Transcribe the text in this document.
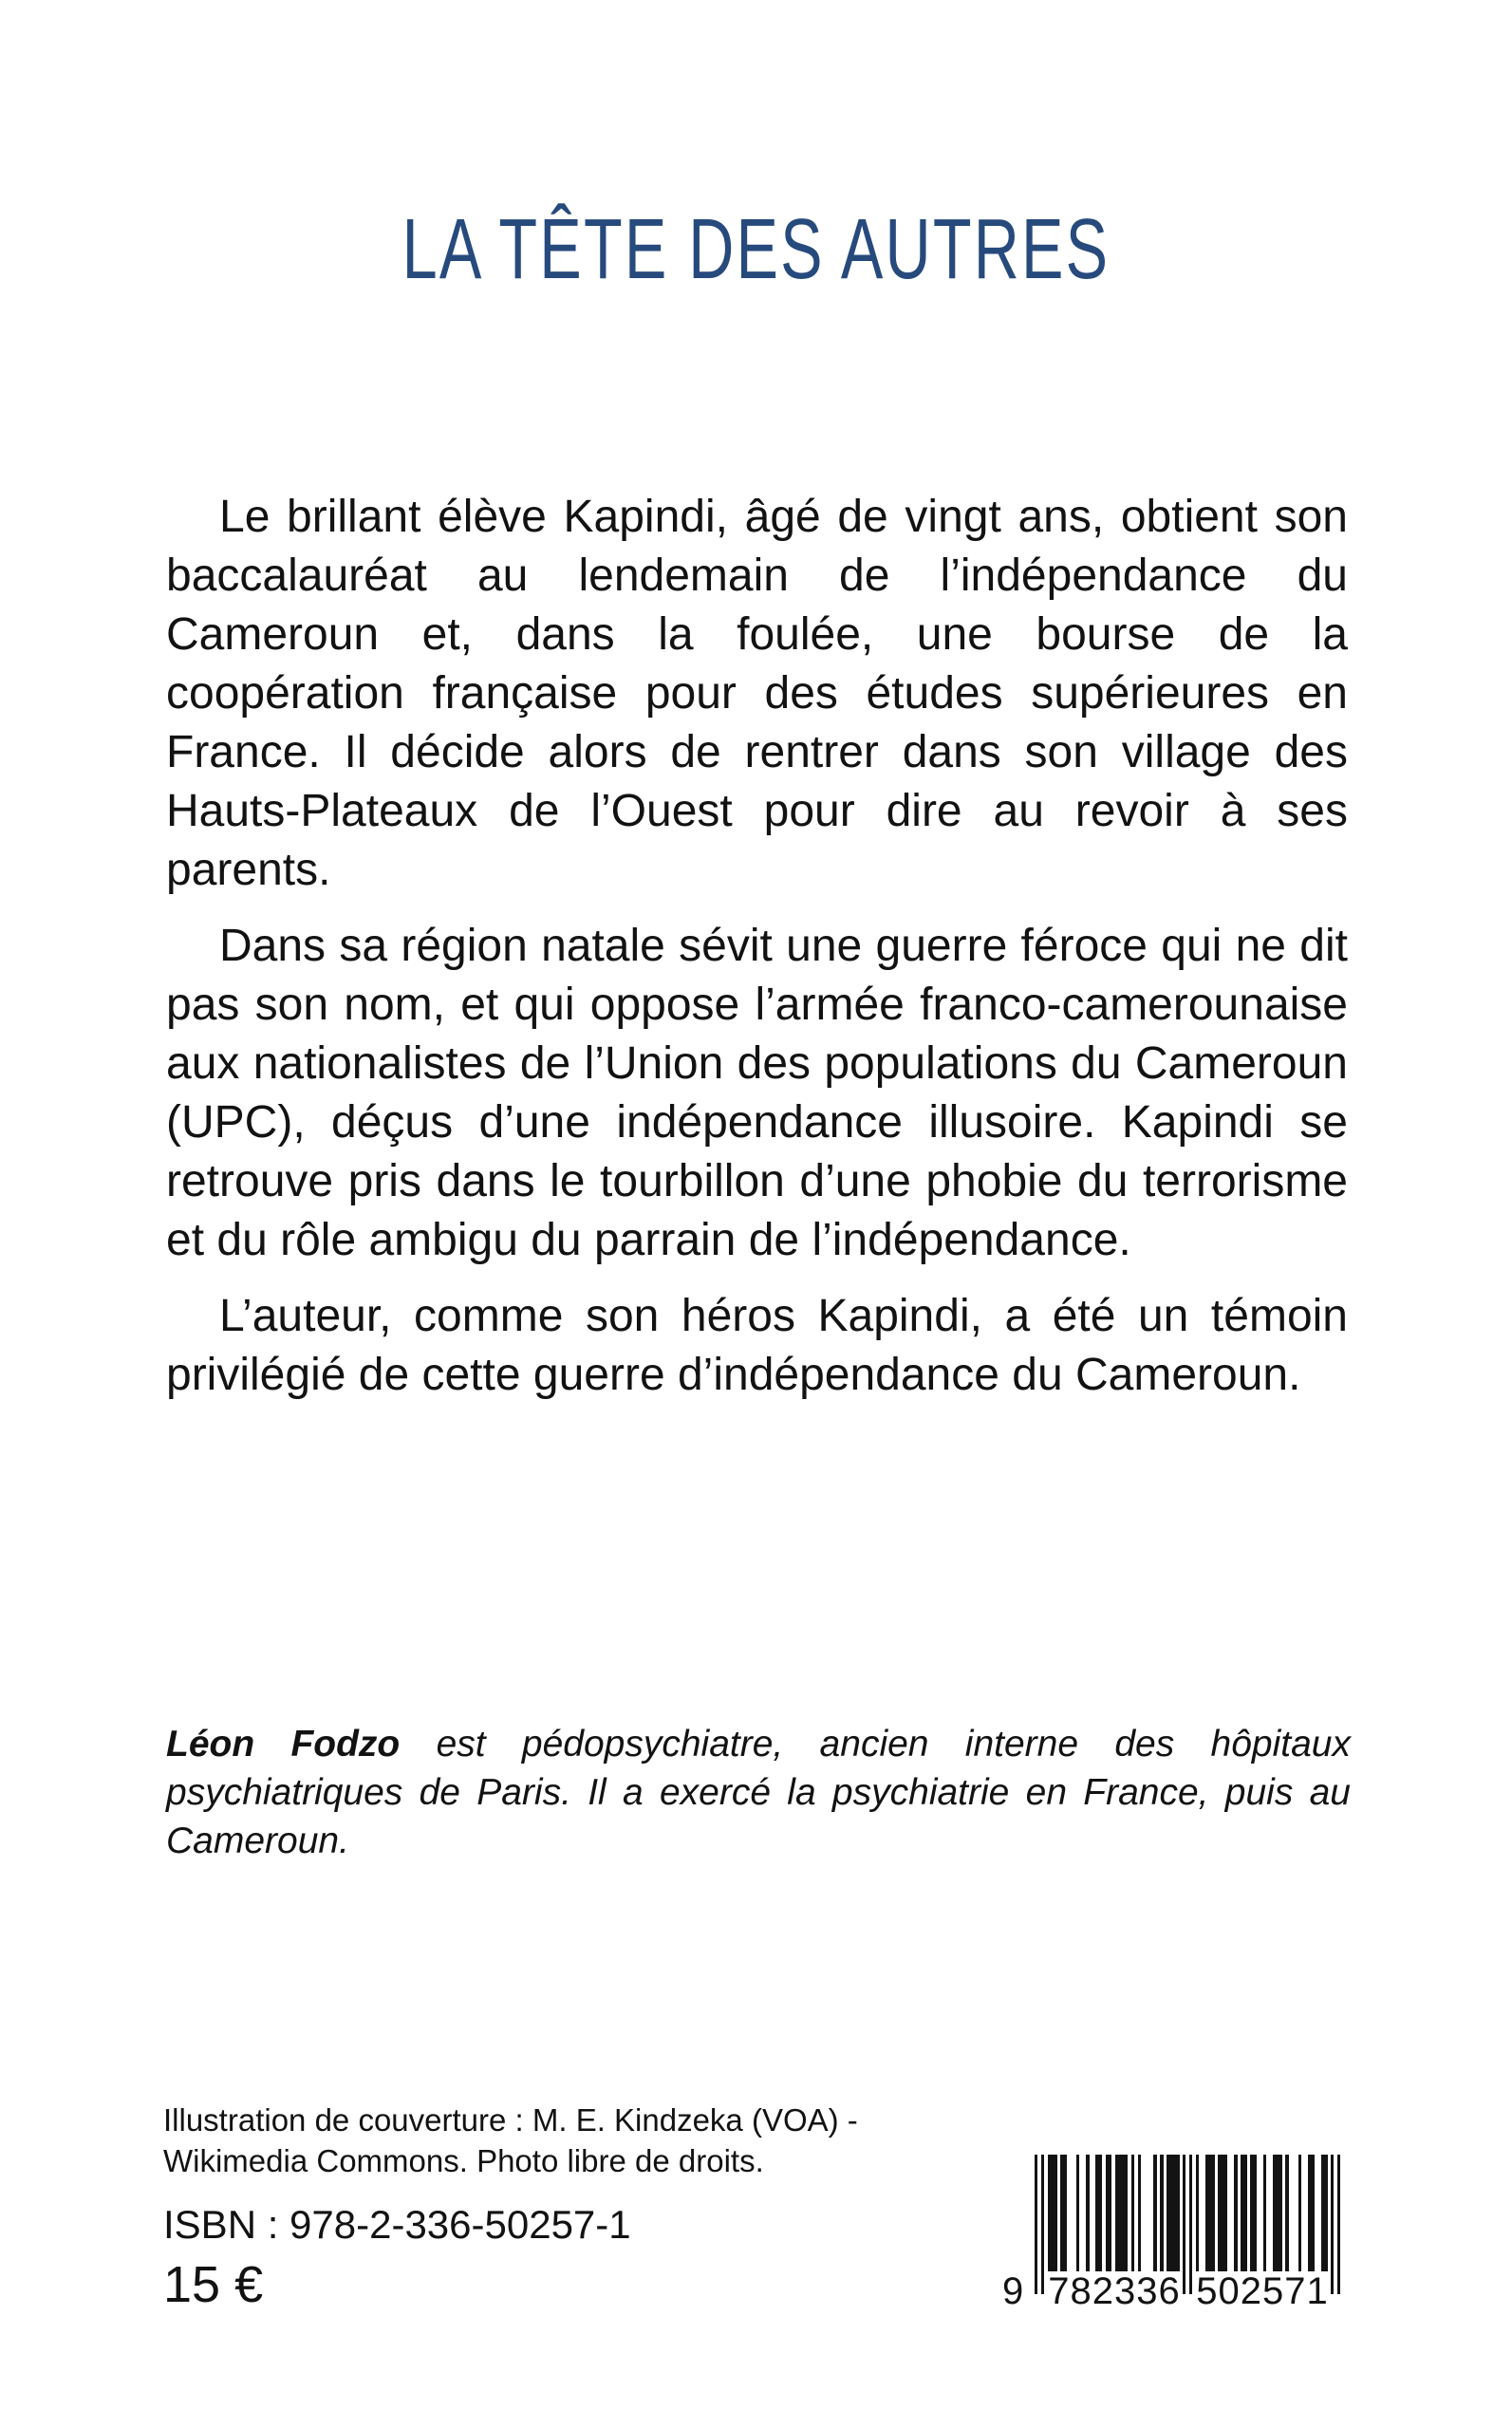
LA TÊTE DES AUTRES

Le brillant élève Kapindi, âgé de vingt ans, obtient son baccalauréat au lendemain de l’indépendance du Cameroun et, dans la foulée, une bourse de la coopération française pour des études supérieures en France. Il décide alors de rentrer dans son village des Hauts-Plateaux de l’Ouest pour dire au revoir à ses parents.

Dans sa région natale sévit une guerre féroce qui ne dit pas son nom, et qui oppose l’armée franco-camerounaise aux nationalistes de l’Union des populations du Cameroun (UPC), déçus d’une indépendance illusoire. Kapindi se retrouve pris dans le tourbillon d’une phobie du terrorisme et du rôle ambigu du parrain de l’indépendance.

L’auteur, comme son héros Kapindi, a été un témoin privilégié de cette guerre d’indépendance du Cameroun.

Léon Fodzo est pédopsychiatre, ancien interne des hôpitaux psychiatriques de Paris. Il a exercé la psychiatrie en France, puis au Cameroun.
Illustration de couverture : M. E. Kindzeka (VOA) -
Wikimedia Commons. Photo libre de droits.
ISBN : 978-2-336-50257-1
15 €	9 782336 502571
